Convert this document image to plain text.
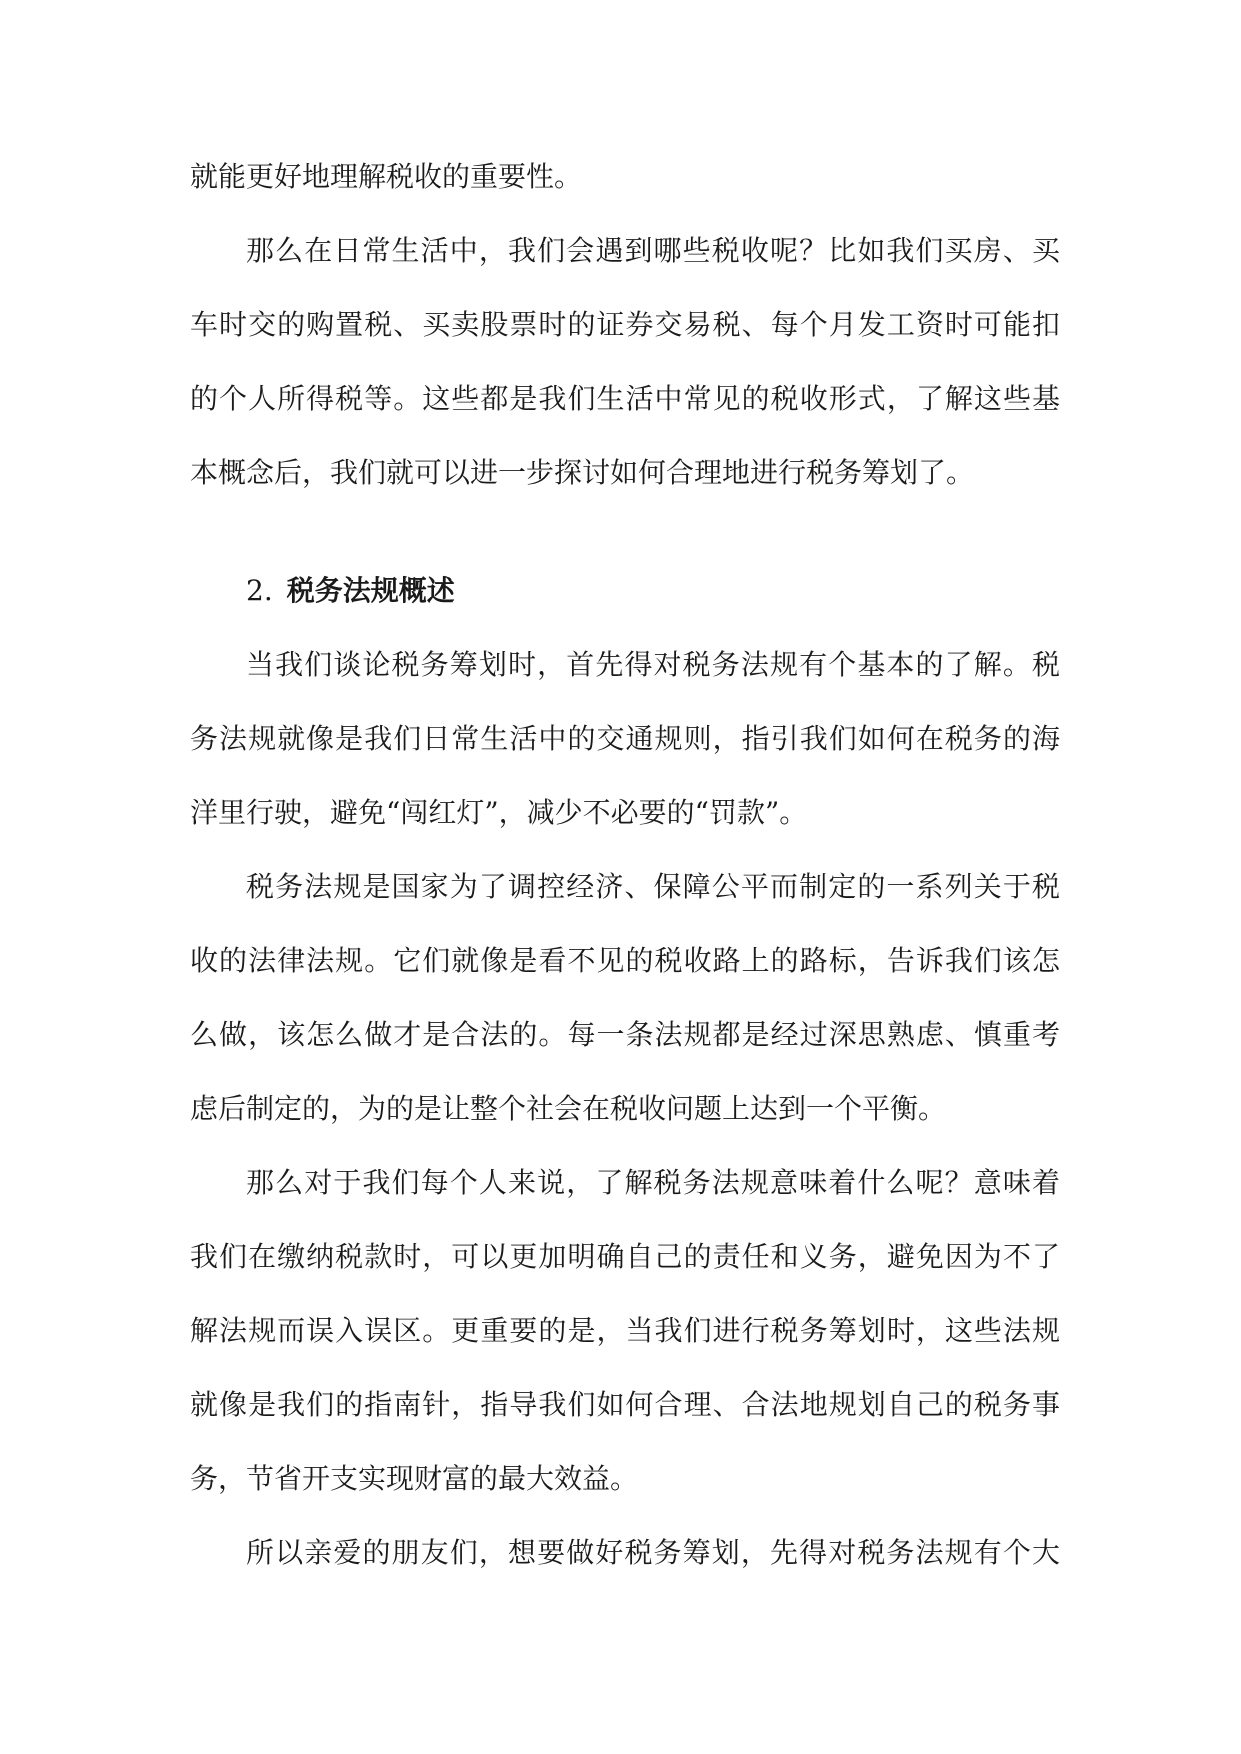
就能更好地理解税收的重要性。
那么在日常生活中，我们会遇到哪些税收呢？比如我们买房、买
车时交的购置税、买卖股票时的证券交易税、每个月发工资时可能扣
的个人所得税等。这些都是我们生活中常见的税收形式，了解这些基
本概念后，我们就可以进一步探讨如何合理地进行税务筹划了。
2. 税务法规概述
当我们谈论税务筹划时，首先得对税务法规有个基本的了解。税
务法规就像是我们日常生活中的交通规则，指引我们如何在税务的海
洋里行驶，避免“闯红灯”，减少不必要的“罚款”。
税务法规是国家为了调控经济、保障公平而制定的一系列关于税
收的法律法规。它们就像是看不见的税收路上的路标，告诉我们该怎
么做，该怎么做才是合法的。每一条法规都是经过深思熟虑、慎重考
虑后制定的，为的是让整个社会在税收问题上达到一个平衡。
那么对于我们每个人来说，了解税务法规意味着什么呢？意味着
我们在缴纳税款时，可以更加明确自己的责任和义务，避免因为不了
解法规而误入误区。更重要的是，当我们进行税务筹划时，这些法规
就像是我们的指南针，指导我们如何合理、合法地规划自己的税务事
务，节省开支实现财富的最大效益。
所以亲爱的朋友们，想要做好税务筹划，先得对税务法规有个大
